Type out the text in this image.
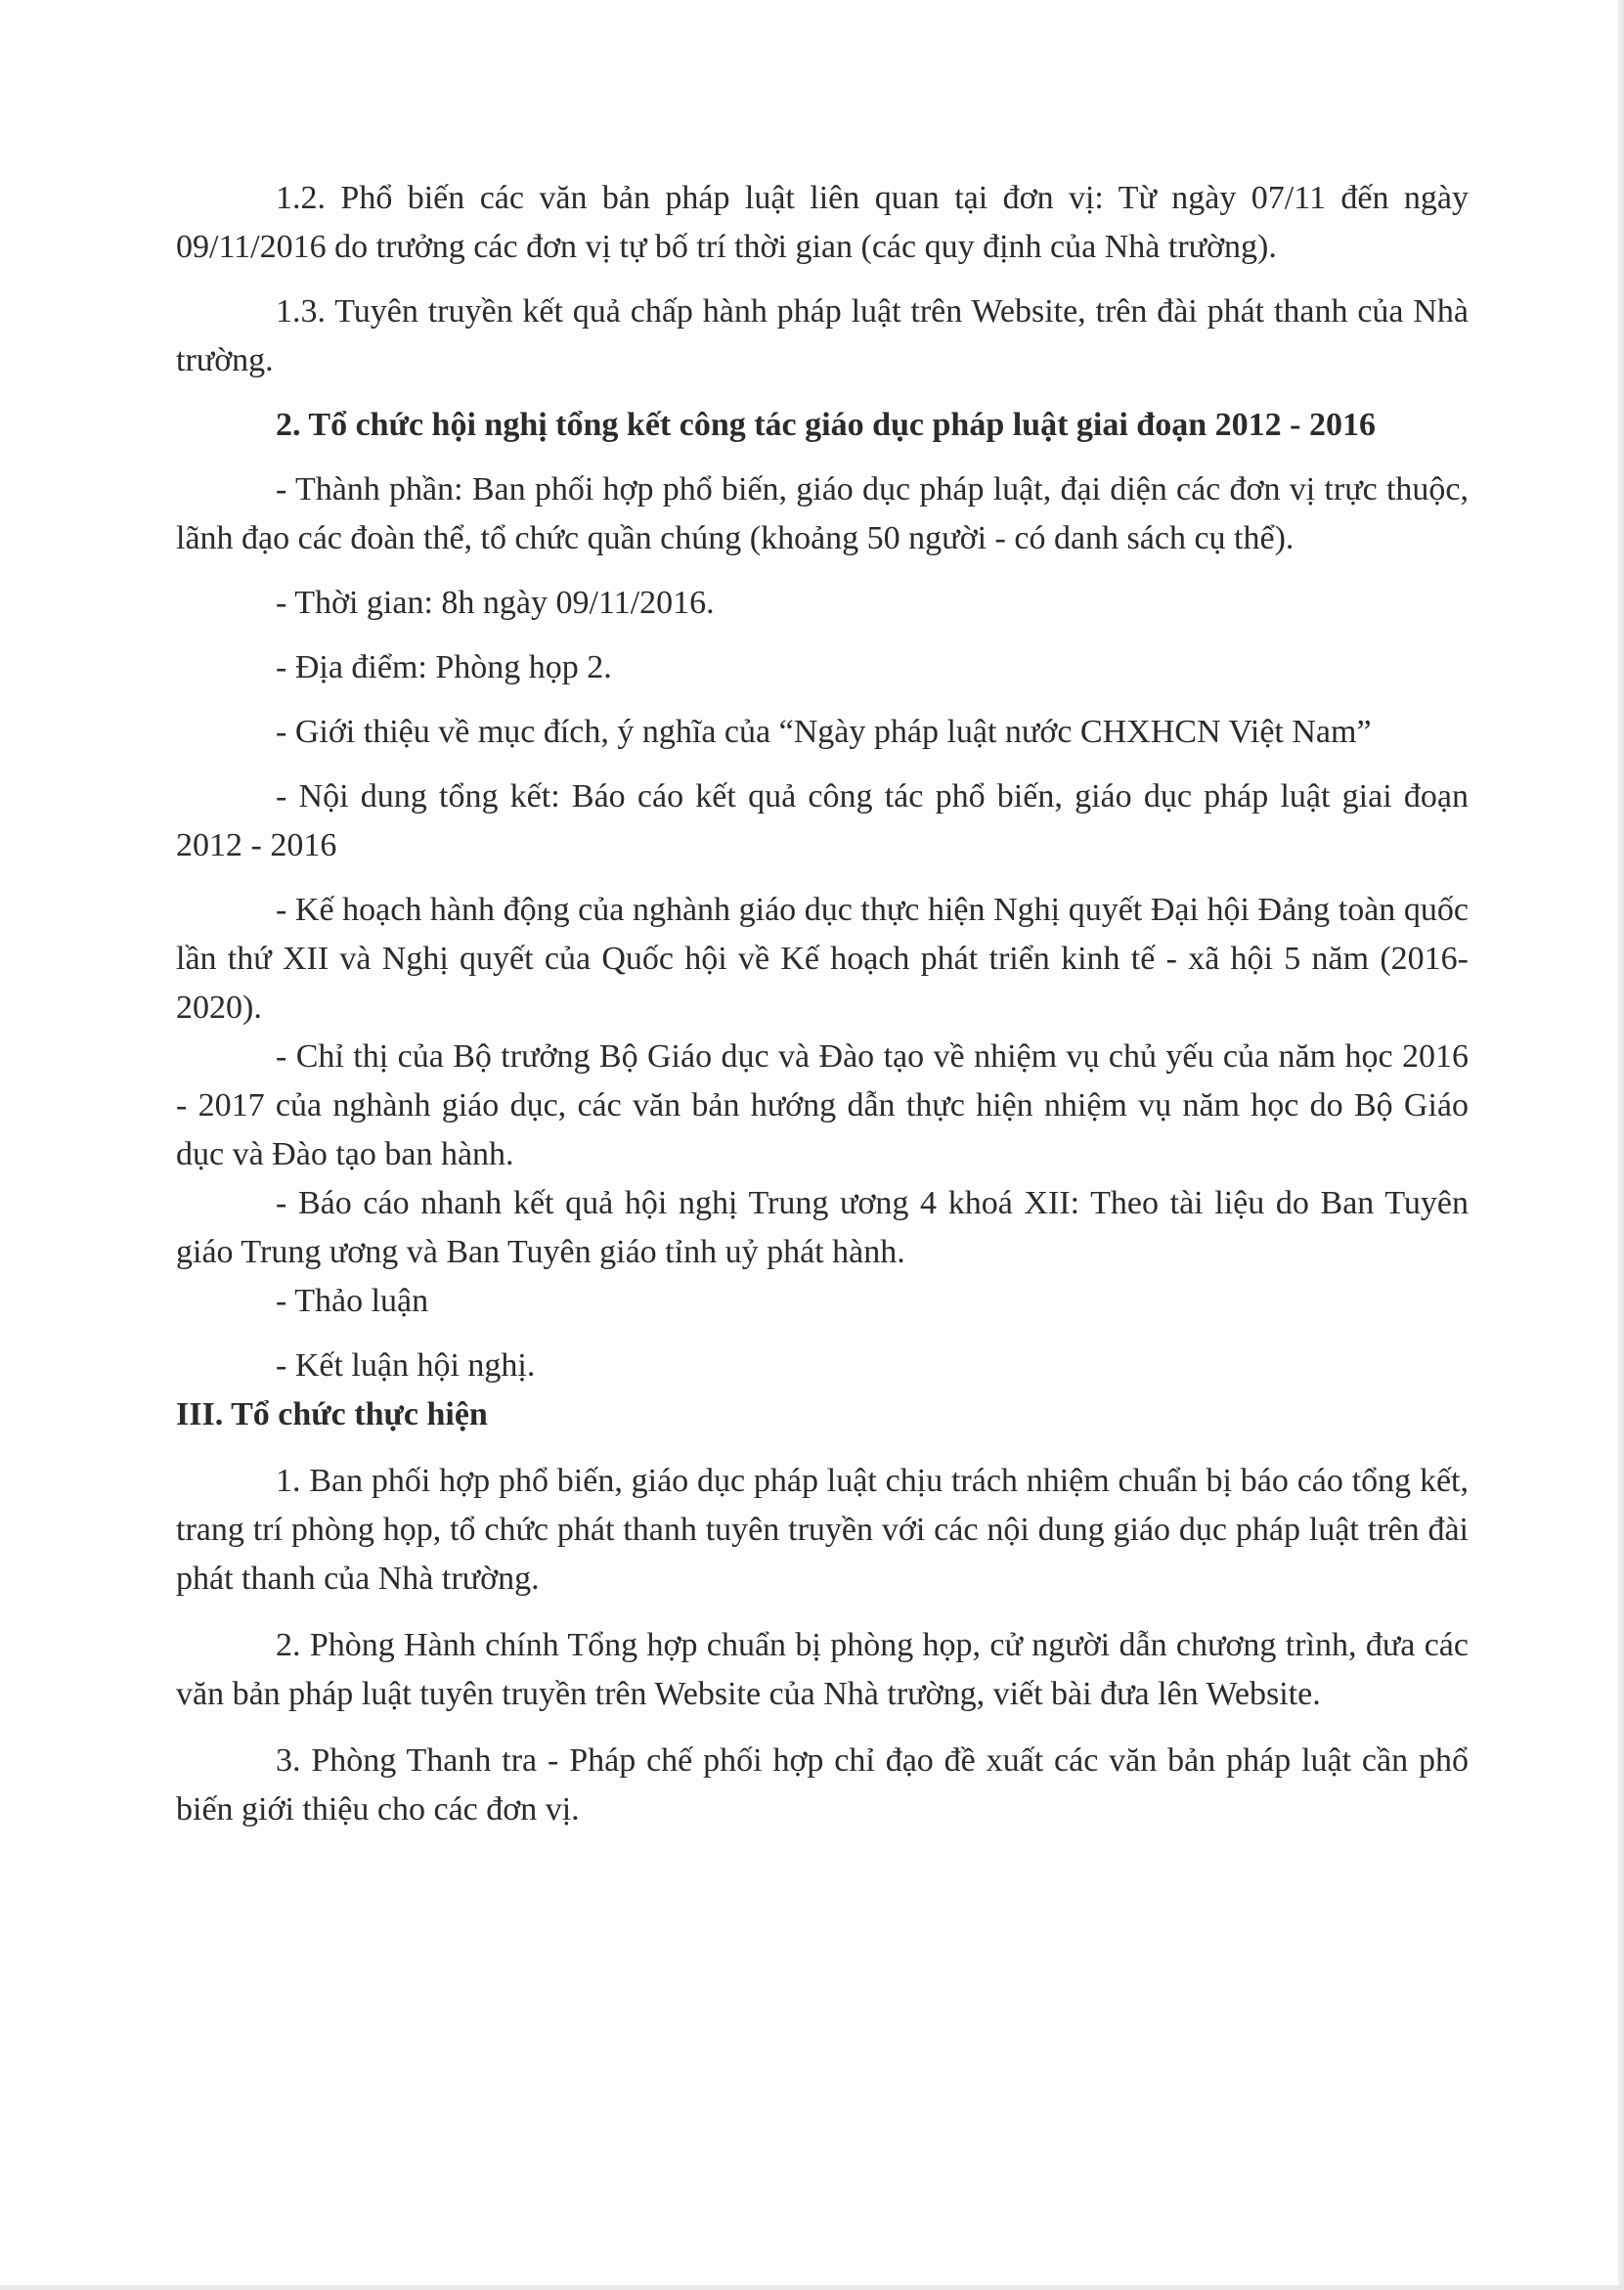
1.2. Phổ biến các văn bản pháp luật liên quan tại đơn vị: Từ ngày 07/11 đến ngày 09/11/2016 do trưởng các đơn vị tự bố trí thời gian (các quy định của Nhà trường).

1.3. Tuyên truyền kết quả chấp hành pháp luật trên Website, trên đài phát thanh của Nhà trường.

2. Tổ chức hội nghị tổng kết công tác giáo dục pháp luật giai đoạn 2012 - 2016

- Thành phần: Ban phối hợp phổ biến, giáo dục pháp luật, đại diện các đơn vị trực thuộc, lãnh đạo các đoàn thể, tổ chức quần chúng (khoảng 50 người - có danh sách cụ thể).

- Thời gian: 8h ngày 09/11/2016.

- Địa điểm: Phòng họp 2.

- Giới thiệu về mục đích, ý nghĩa của “Ngày pháp luật nước CHXHCN Việt Nam”

- Nội dung tổng kết: Báo cáo kết quả công tác phổ biến, giáo dục pháp luật giai đoạn 2012 - 2016

- Kế hoạch hành động của nghành giáo dục thực hiện Nghị quyết Đại hội Đảng toàn quốc lần thứ XII và Nghị quyết của Quốc hội về Kế hoạch phát triển kinh tế - xã hội 5 năm (2016-2020).

- Chỉ thị của Bộ trưởng Bộ Giáo dục và Đào tạo về nhiệm vụ chủ yếu của năm học 2016 - 2017 của nghành giáo dục, các văn bản hướng dẫn thực hiện nhiệm vụ năm học do Bộ Giáo dục và Đào tạo ban hành.

- Báo cáo nhanh kết quả hội nghị Trung ương 4 khoá XII: Theo tài liệu do Ban Tuyên giáo Trung ương và Ban Tuyên giáo tỉnh uỷ phát hành.

- Thảo luận

- Kết luận hội nghị.

III. Tổ chức thực hiện

1. Ban phối hợp phổ biến, giáo dục pháp luật chịu trách nhiệm chuẩn bị báo cáo tổng kết, trang trí phòng họp, tổ chức phát thanh tuyên truyền với các nội dung giáo dục pháp luật trên đài phát thanh của Nhà trường.

2. Phòng Hành chính Tổng hợp chuẩn bị phòng họp, cử người dẫn chương trình, đưa các văn bản pháp luật tuyên truyền trên Website của Nhà trường, viết bài đưa lên Website.

3. Phòng Thanh tra - Pháp chế phối hợp chỉ đạo đề xuất các văn bản pháp luật cần phổ biến giới thiệu cho các đơn vị.
